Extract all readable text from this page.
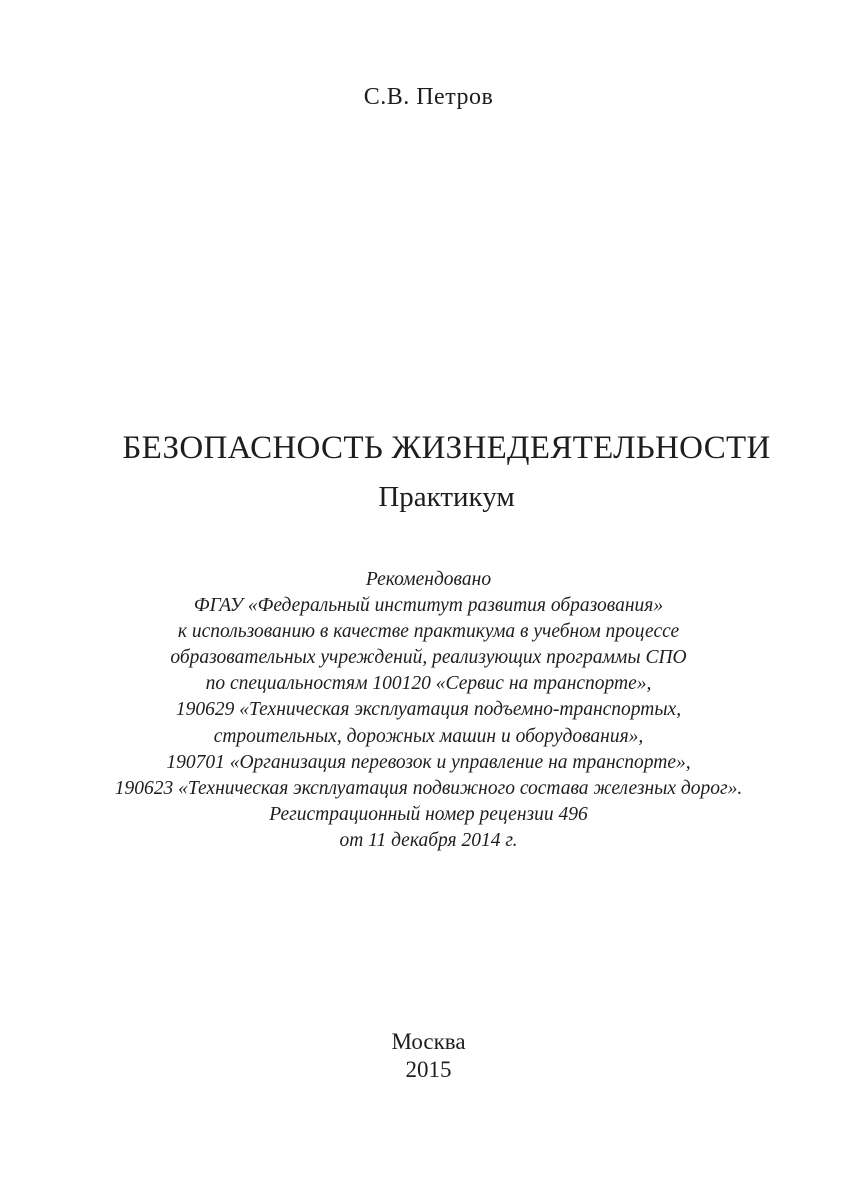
С.В. Петров
БЕЗОПАСНОСТЬ ЖИЗНЕДЕЯТЕЛЬНОСТИ
Практикум
Рекомендовано
ФГАУ «Федеральный институт развития образования»
к использованию в качестве практикума в учебном процессе
образовательных учреждений, реализующих программы СПО
по специальностям 100120 «Сервис на транспорте»,
190629 «Техническая эксплуатация подъемно-транспортых,
строительных, дорожных машин и оборудования»,
190701 «Организация перевозок и управление на транспорте»,
190623 «Техническая эксплуатация подвижного состава железных дорог».
Регистрационный номер рецензии 496
от 11 декабря 2014 г.
Москва
2015
